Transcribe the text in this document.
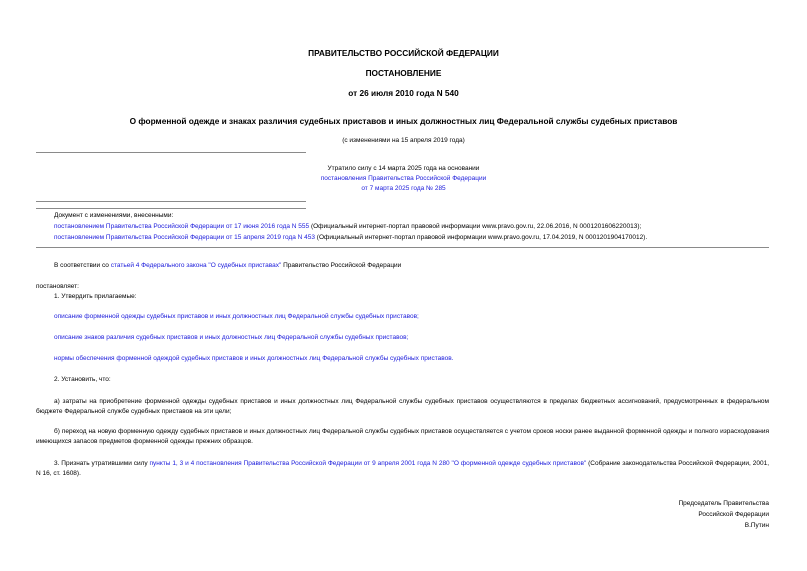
ПРАВИТЕЛЬСТВО РОССИЙСКОЙ ФЕДЕРАЦИИ
ПОСТАНОВЛЕНИЕ
от 26 июля 2010 года N 540
О форменной одежде и знаках различия судебных приставов и иных должностных лиц Федеральной службы судебных приставов
(с изменениями на 15 апреля 2019 года)
Утратило силу с 14 марта 2025 года на основании
постановления Правительства Российской Федерации
от 7 марта 2025 года № 285
Документ с изменениями, внесенными:
постановлением Правительства Российской Федерации от 17 июня 2016 года N 555 (Официальный интернет-портал правовой информации www.pravo.gov.ru, 22.06.2016, N 0001201606220013);
постановлением Правительства Российской Федерации от 15 апреля 2019 года N 453 (Официальный интернет-портал правовой информации www.pravo.gov.ru, 17.04.2019, N 0001201904170012).
В соответствии со статьей 4 Федерального закона "О судебных приставах" Правительство Российской Федерации
постановляет:
1. Утвердить прилагаемые:
описание форменной одежды судебных приставов и иных должностных лиц Федеральной службы судебных приставов;
описание знаков различия судебных приставов и иных должностных лиц Федеральной службы судебных приставов;
нормы обеспечения форменной одеждой судебных приставов и иных должностных лиц Федеральной службы судебных приставов.
2. Установить, что:
а) затраты на приобретение форменной одежды судебных приставов и иных должностных лиц Федеральной службы судебных приставов осуществляются в пределах бюджетных ассигнований, предусмотренных в федеральном бюджете Федеральной службе судебных приставов на эти цели;
б) переход на новую форменную одежду судебных приставов и иных должностных лиц Федеральной службы судебных приставов осуществляется с учетом сроков носки ранее выданной форменной одежды и полного израсходования имеющихся запасов предметов форменной одежды прежних образцов.
3. Признать утратившими силу пункты 1, 3 и 4 постановления Правительства Российской Федерации от 9 апреля 2001 года N 280 "О форменной одежде судебных приставов" (Собрание законодательства Российской Федерации, 2001, N 16, ст. 1608).
Председатель Правительства
Российской Федерации
В.Путин
